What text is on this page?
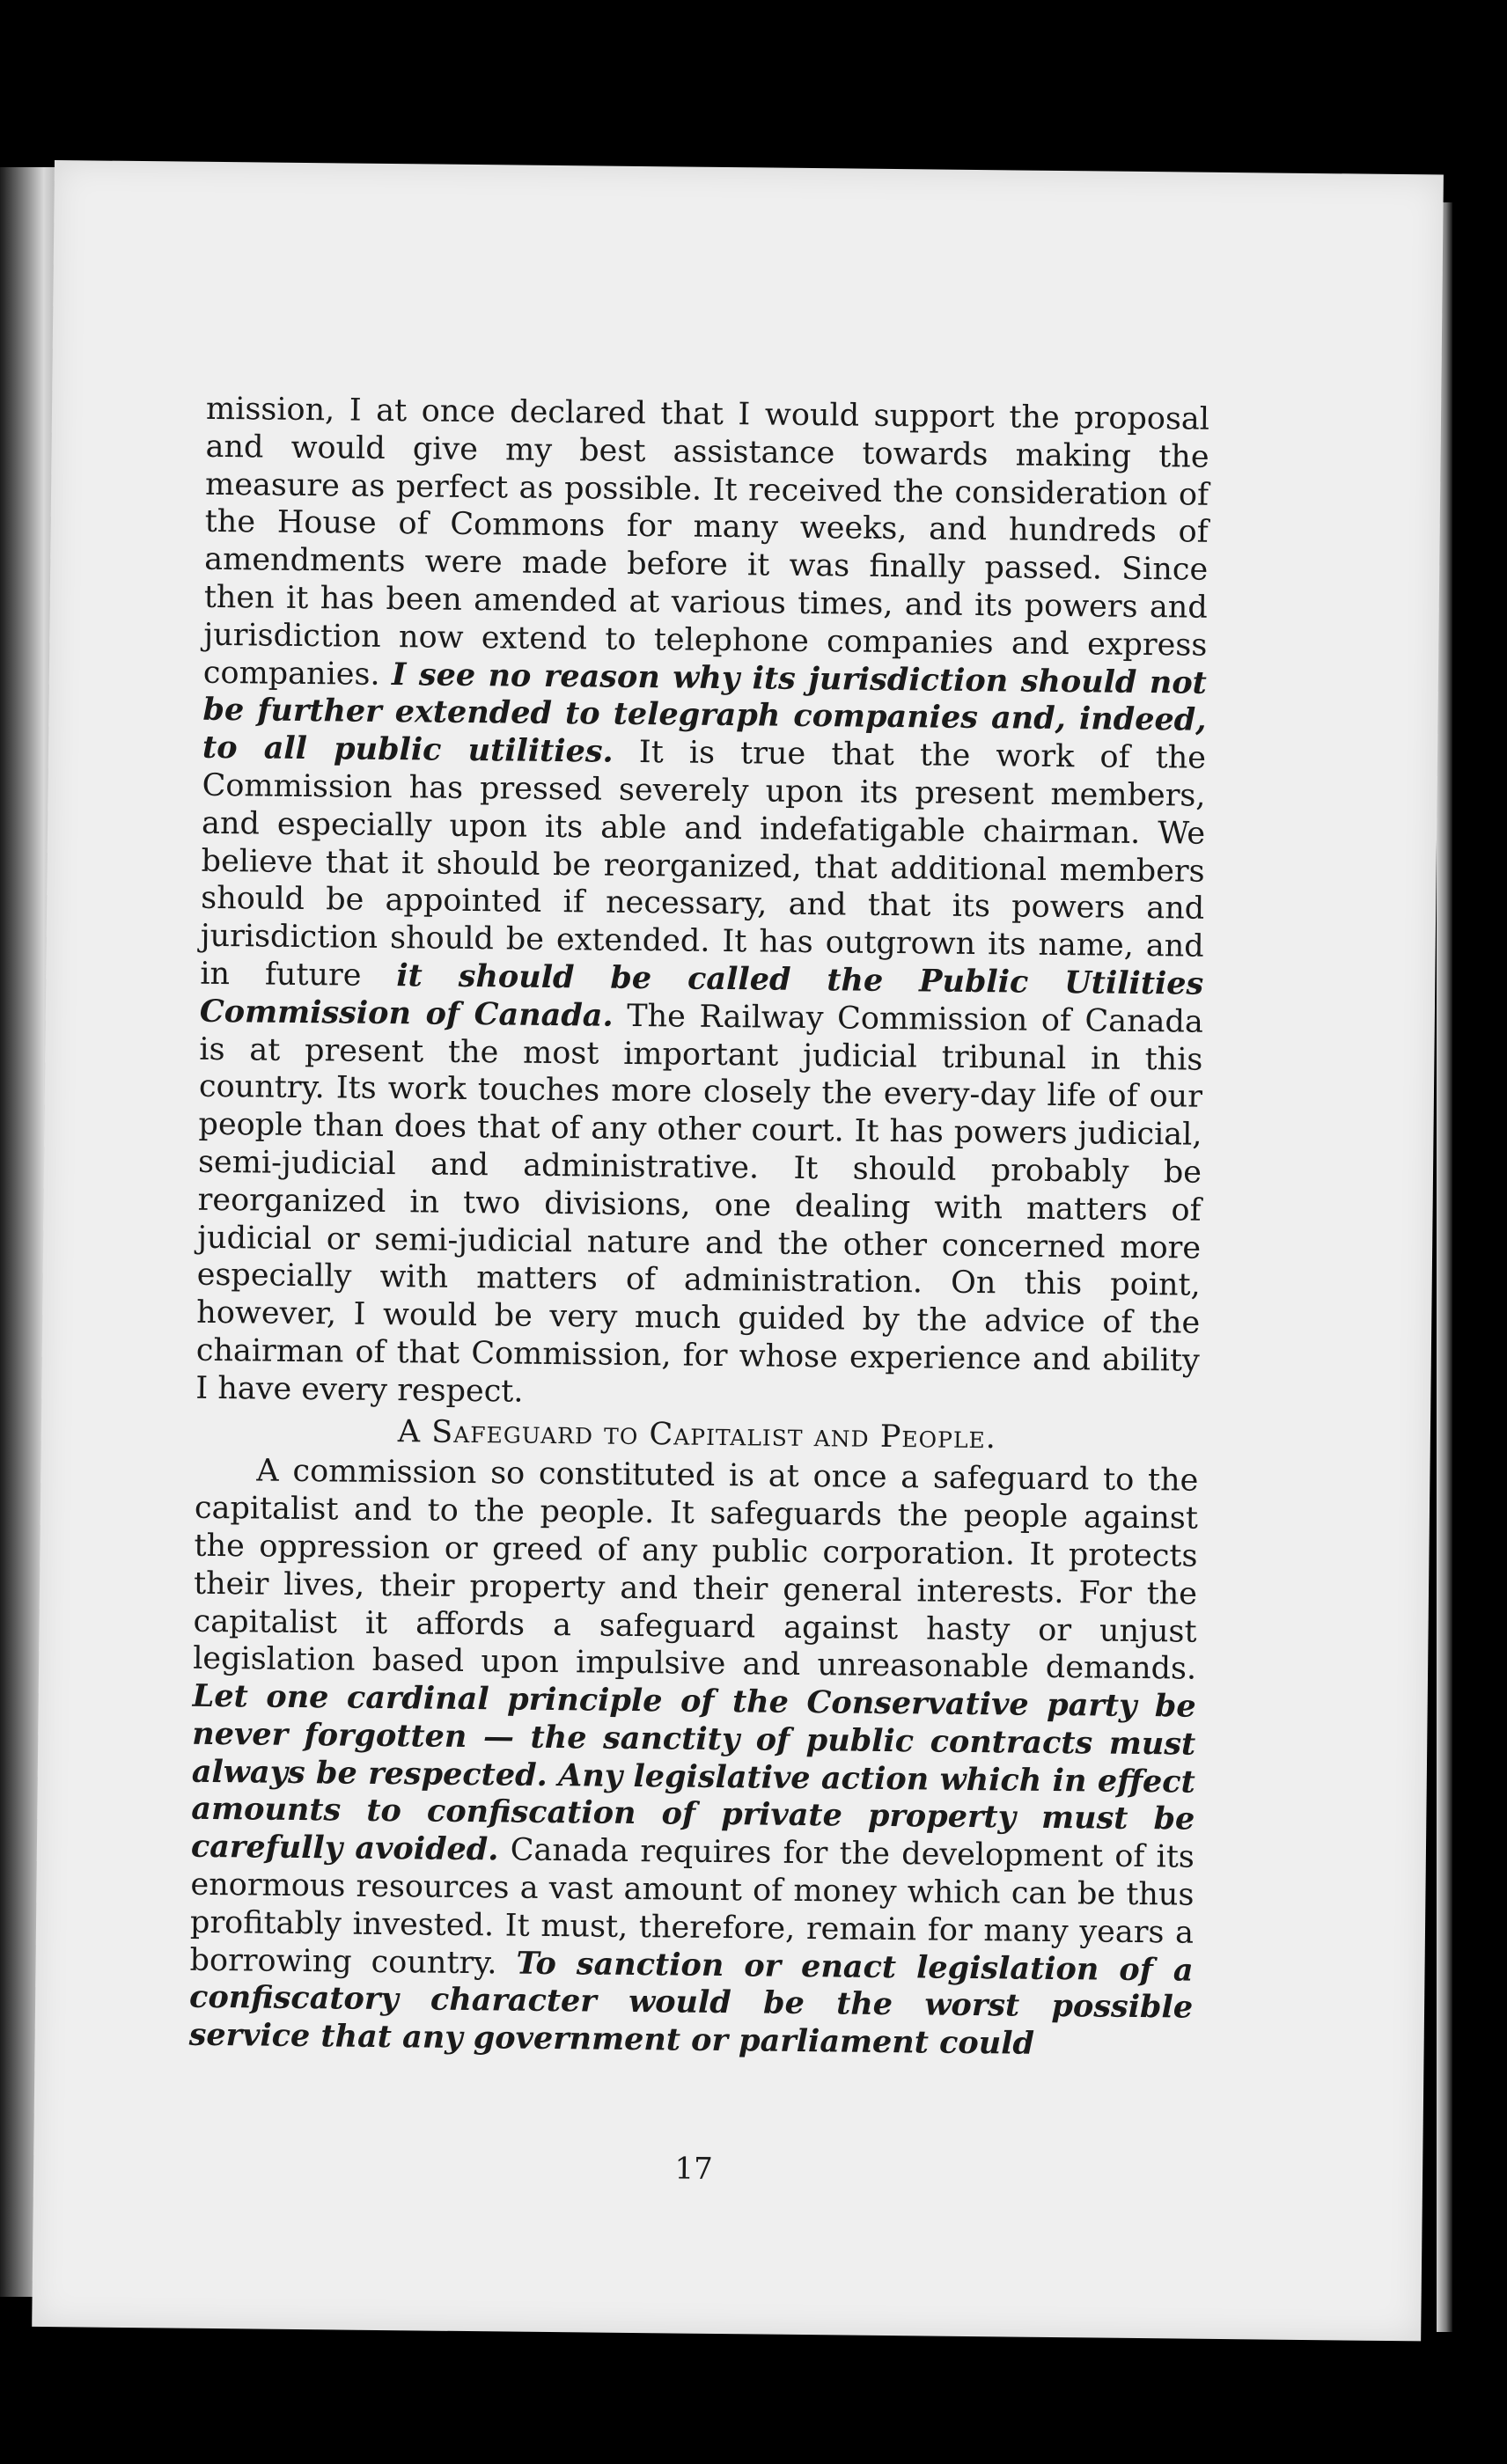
mission, I at once declared that I would support the proposal and would give my best assistance towards making the measure as perfect as possible. It received the consideration of the House of Commons for many weeks, and hundreds of amendments were made before it was finally passed. Since then it has been amended at various times, and its powers and jurisdiction now extend to telephone companies and express companies. I see no reason why its jurisdiction should not be further extended to telegraph companies and, indeed, to all public utilities. It is true that the work of the Commission has pressed severely upon its present members, and especially upon its able and indefatigable chairman. We believe that it should be reorganized, that additional members should be appointed if necessary, and that its powers and jurisdiction should be extended. It has outgrown its name, and in future it should be called the Public Utilities Commission of Canada. The Railway Commission of Canada is at present the most important judicial tribunal in this country. Its work touches more closely the every-day life of our people than does that of any other court. It has powers judicial, semi-judicial and administrative. It should probably be reorganized in two divisions, one dealing with matters of judicial or semi-judicial nature and the other concerned more especially with matters of administration. On this point, however, I would be very much guided by the advice of the chairman of that Commission, for whose experience and ability I have every respect.

A Safeguard to Capitalist and People.

A commission so constituted is at once a safeguard to the capitalist and to the people. It safeguards the people against the oppression or greed of any public corporation. It protects their lives, their property and their general interests. For the capitalist it affords a safeguard against hasty or unjust legislation based upon impulsive and unreasonable demands. Let one cardinal principle of the Conservative party be never forgotten — the sanctity of public contracts must always be respected. Any legislative action which in effect amounts to confiscation of private property must be carefully avoided. Canada requires for the development of its enormous resources a vast amount of money which can be thus profitably invested. It must, therefore, remain for many years a borrowing country. To sanction or enact legislation of a confiscatory character would be the worst possible service that any government or parliament could

17
